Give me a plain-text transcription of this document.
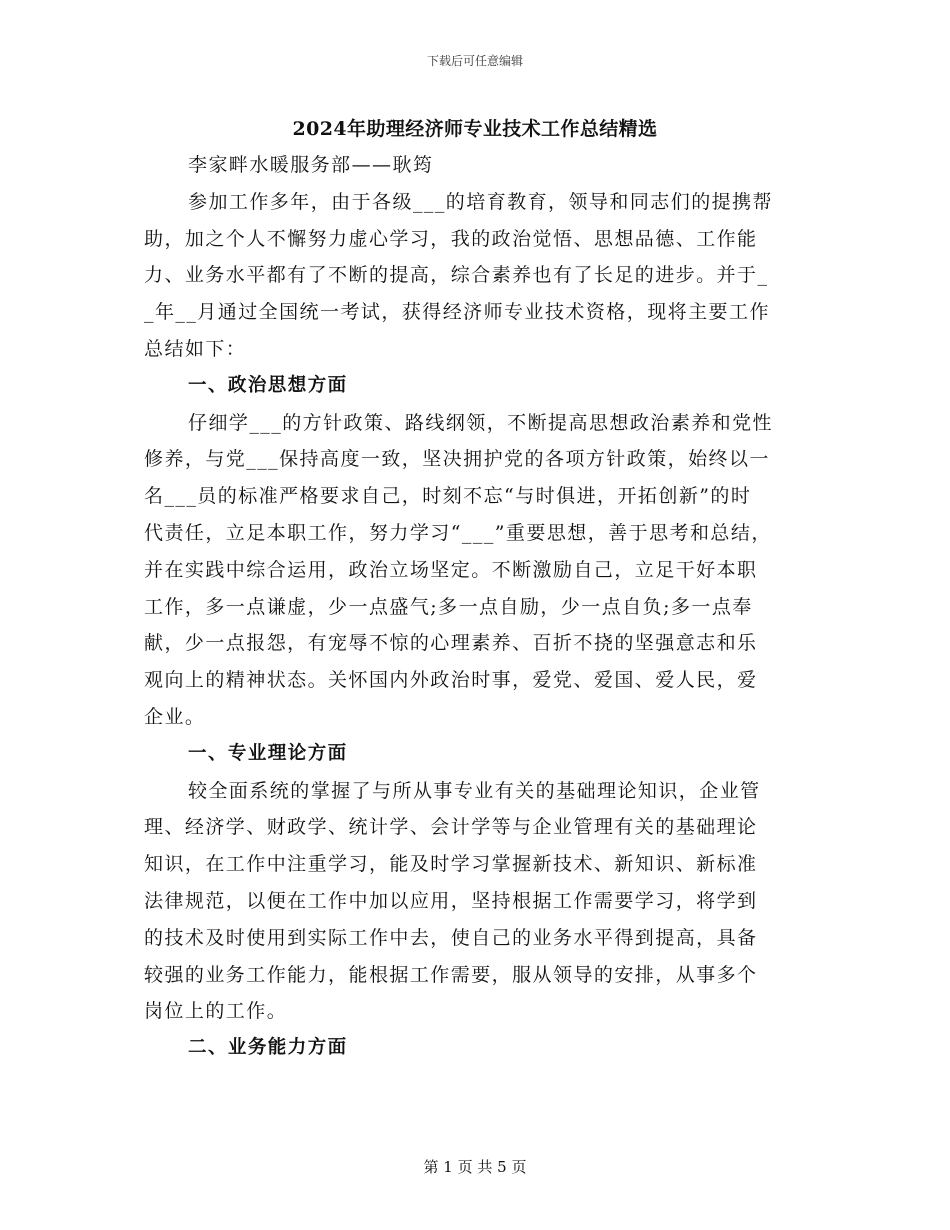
下载后可任意编辑
2024年助理经济师专业技术工作总结精选
李家畔水暖服务部——耿筠
参加工作多年，由于各级___的培育教育，领导和同志们的提携帮
助，加之个人不懈努力虚心学习，我的政治觉悟、思想品德、工作能
力、业务水平都有了不断的提高，综合素养也有了长足的进步。并于_
_年__月通过全国统一考试，获得经济师专业技术资格，现将主要工作
总结如下：
一、政治思想方面
仔细学___的方针政策、路线纲领，不断提高思想政治素养和党性
修养，与党___保持高度一致，坚决拥护党的各项方针政策，始终以一
名___员的标准严格要求自己，时刻不忘“与时俱进，开拓创新”的时
代责任，立足本职工作，努力学习“___”重要思想，善于思考和总结，
并在实践中综合运用，政治立场坚定。不断激励自己，立足干好本职
工作，多一点谦虚，少一点盛气;多一点自励，少一点自负;多一点奉
献，少一点报怨，有宠辱不惊的心理素养、百折不挠的坚强意志和乐
观向上的精神状态。关怀国内外政治时事，爱党、爱国、爱人民，爱
企业。
一、专业理论方面
较全面系统的掌握了与所从事专业有关的基础理论知识，企业管
理、经济学、财政学、统计学、会计学等与企业管理有关的基础理论
知识，在工作中注重学习，能及时学习掌握新技术、新知识、新标准
法律规范，以便在工作中加以应用，坚持根据工作需要学习，将学到
的技术及时使用到实际工作中去，使自己的业务水平得到提高，具备
较强的业务工作能力，能根据工作需要，服从领导的安排，从事多个
岗位上的工作。
二、业务能力方面
第 1 页 共 5 页
